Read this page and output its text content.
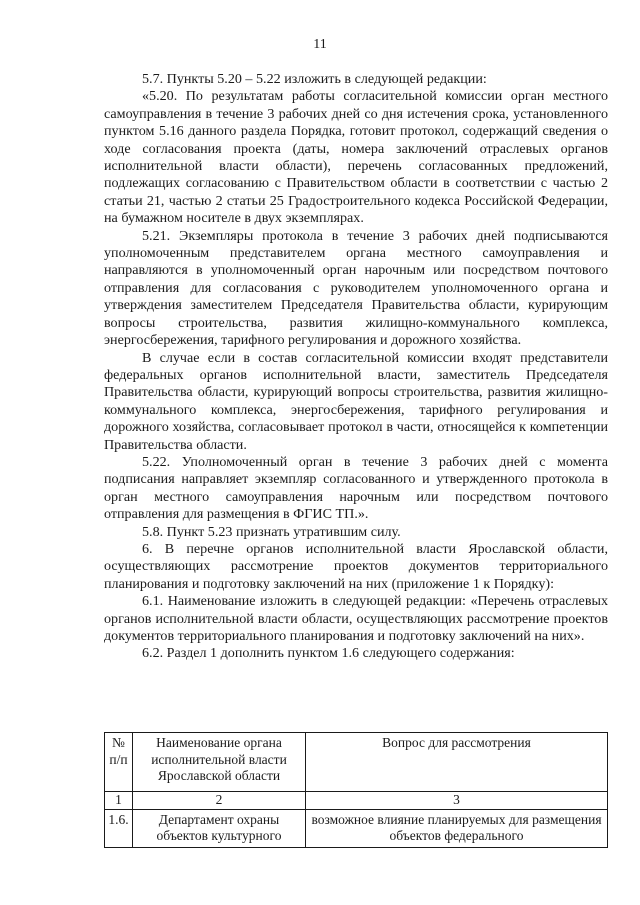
11

5.7. Пункты 5.20 – 5.22 изложить в следующей редакции:

«5.20. По результатам работы согласительной комиссии орган местного самоуправления в течение 3 рабочих дней со дня истечения срока, установленного пунктом 5.16 данного раздела Порядка, готовит протокол, содержащий сведения о ходе согласования проекта (даты, номера заключений отраслевых органов исполнительной власти области), перечень согласованных предложений, подлежащих согласованию с Правительством области в соответствии с частью 2 статьи 21, частью 2 статьи 25 Градостроительного кодекса Российской Федерации, на бумажном носителе в двух экземплярах.

5.21. Экземпляры протокола в течение 3 рабочих дней подписываются уполномоченным представителем органа местного самоуправления и направляются в уполномоченный орган нарочным или посредством почтового отправления для согласования с руководителем уполномоченного органа и утверждения заместителем Председателя Правительства области, курирующим вопросы строительства, развития жилищно-коммунального комплекса, энергосбережения, тарифного регулирования и дорожного хозяйства.

В случае если в состав согласительной комиссии входят представители федеральных органов исполнительной власти, заместитель Председателя Правительства области, курирующий вопросы строительства, развития жилищно-коммунального комплекса, энергосбережения, тарифного регулирования и дорожного хозяйства, согласовывает протокол в части, относящейся к компетенции Правительства области.

5.22. Уполномоченный орган в течение 3 рабочих дней с момента подписания направляет экземпляр согласованного и утвержденного протокола в орган местного самоуправления нарочным или посредством почтового отправления для размещения в ФГИС ТП.».

5.8. Пункт 5.23 признать утратившим силу.

6. В перечне органов исполнительной власти Ярославской области, осуществляющих рассмотрение проектов документов территориального планирования и подготовку заключений на них (приложение 1 к Порядку):

6.1. Наименование изложить в следующей редакции: «Перечень отраслевых органов исполнительной власти области, осуществляющих рассмотрение проектов документов территориального планирования и подготовку заключений на них».

6.2. Раздел 1 дополнить пунктом 1.6 следующего содержания:

№ п/п	Наименование органа исполнительной власти Ярославской области	Вопрос для рассмотрения
1	2	3
1.6.	Департамент охраны объектов культурного	возможное влияние планируемых для размещения объектов федерального
